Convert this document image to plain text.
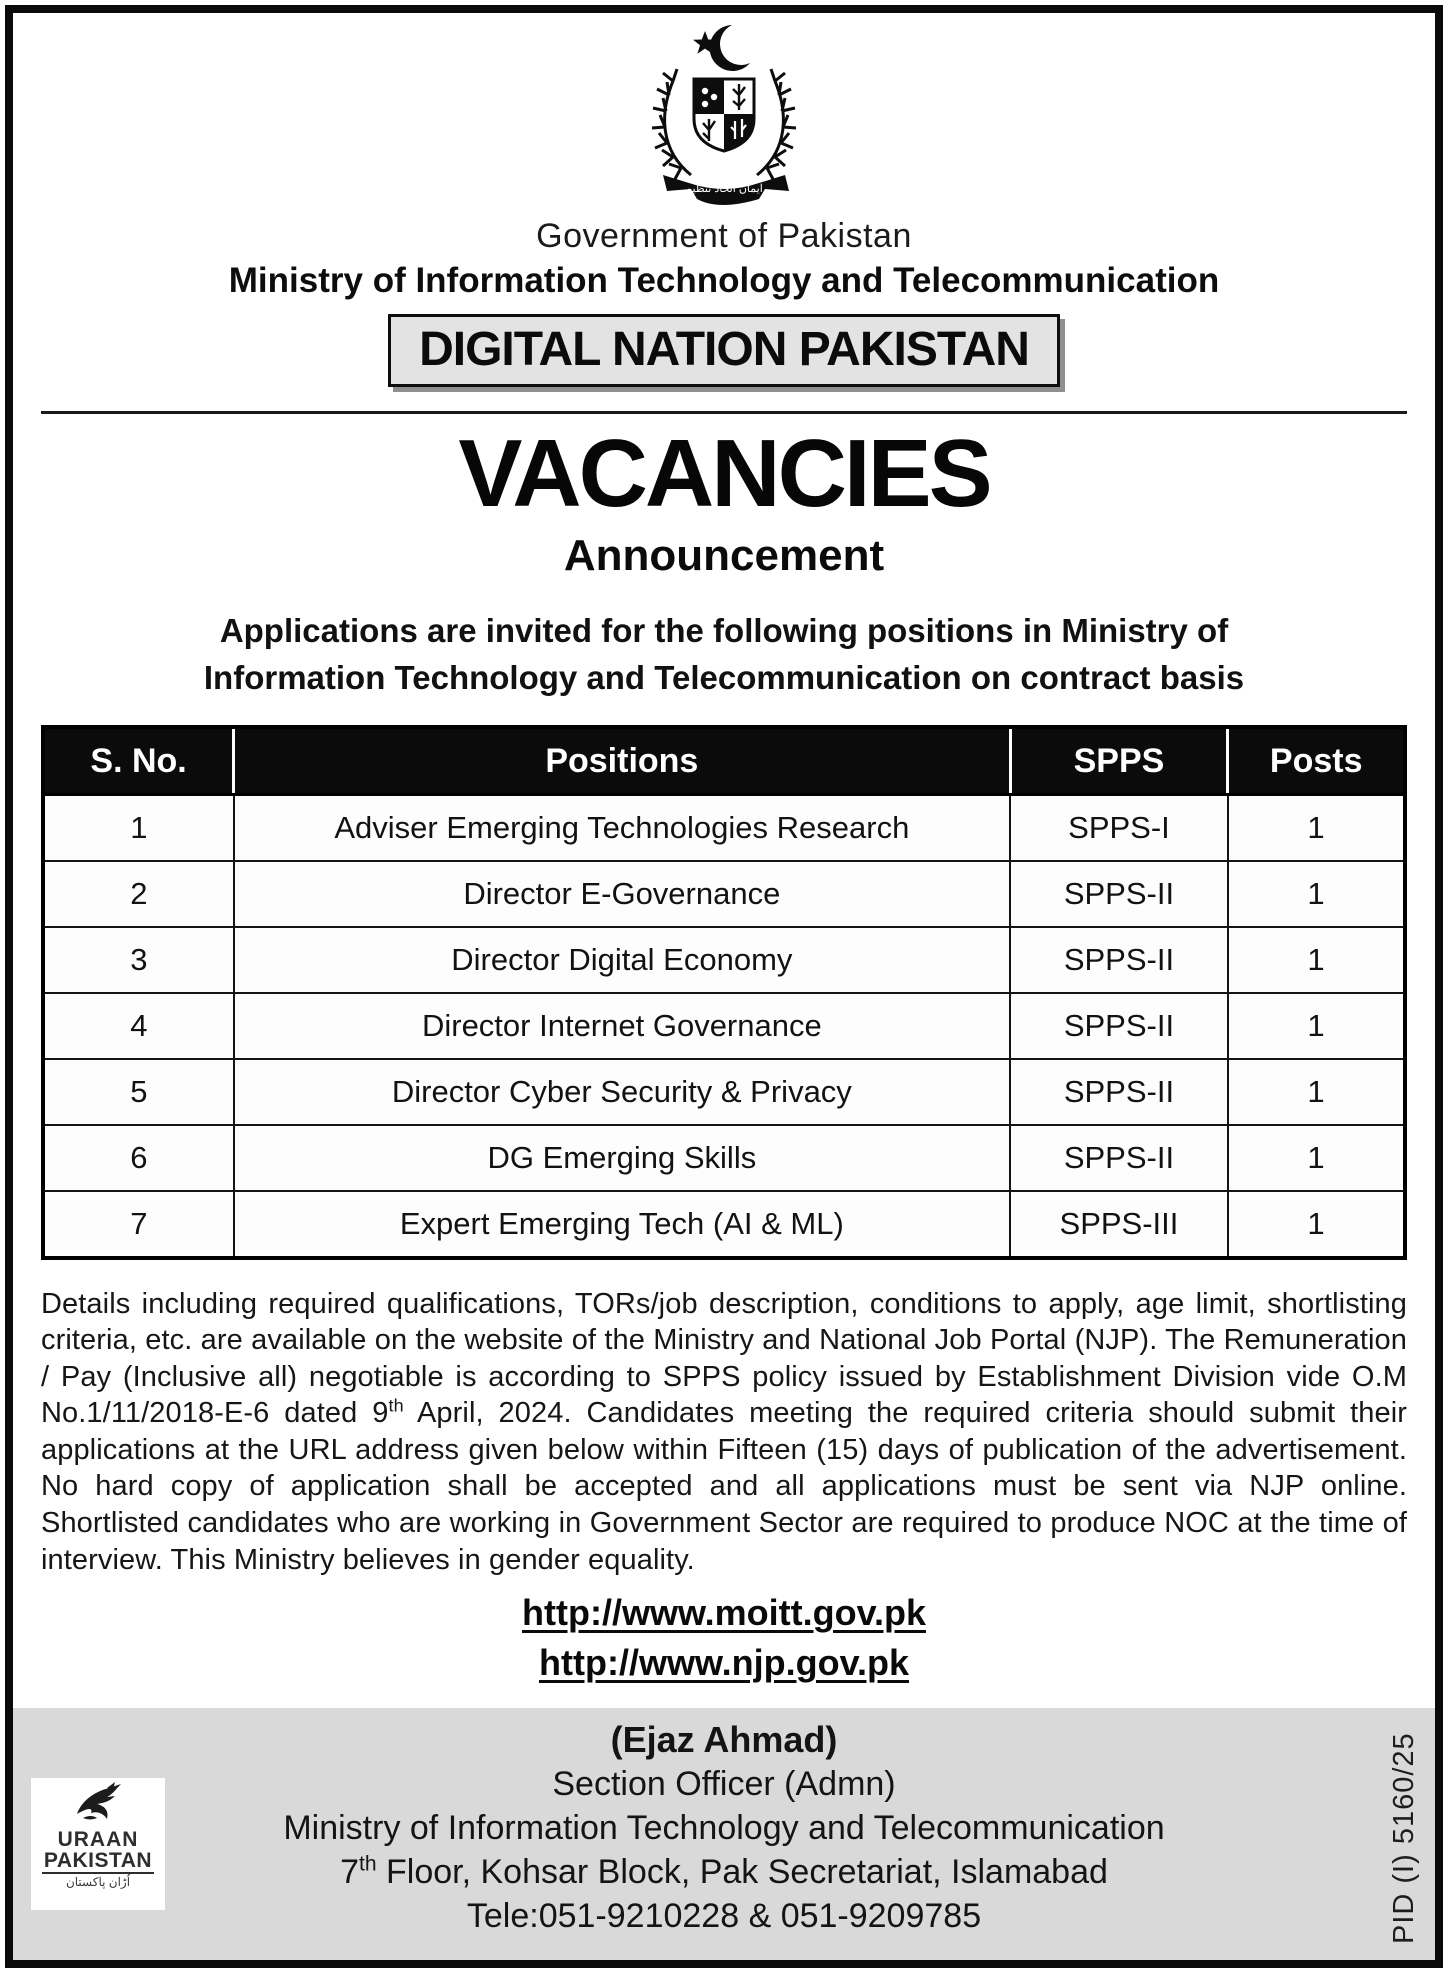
ایمان اتحاد تنظیم
Government of Pakistan
Ministry of Information Technology and Telecommunication
DIGITAL NATION PAKISTAN
VACANCIES
Announcement
Applications are invited for the following positions in Ministry of
Information Technology and Telecommunication on contract basis
S. No.	Positions	SPPS	Posts
1	Adviser Emerging Technologies Research	SPPS-I	1
2	Director E-Governance	SPPS-II	1
3	Director Digital Economy	SPPS-II	1
4	Director Internet Governance	SPPS-II	1
5	Director Cyber Security & Privacy	SPPS-II	1
6	DG Emerging Skills	SPPS-II	1
7	Expert Emerging Tech (AI & ML)	SPPS-III	1

Details including required qualifications, TORs/job description, conditions to apply, age limit, shortlisting criteria, etc. are available on the website of the Ministry and National Job Portal (NJP). The Remuneration / Pay (Inclusive all) negotiable is according to SPPS policy issued by Establishment Division vide O.M No.1/11/2018-E-6 dated 9th April, 2024. Candidates meeting the required criteria should submit their applications at the URL address given below within Fifteen (15) days of publication of the advertisement. No hard copy of application shall be accepted and all applications must be sent via NJP online. Shortlisted candidates who are working in Government Sector are required to produce NOC at the time of interview. This Ministry believes in gender equality.

http://www.moitt.gov.pk
http://www.njp.gov.pk
(Ejaz Ahmad)
Section Officer (Admn)
Ministry of Information Technology and Telecommunication
7th Floor, Kohsar Block, Pak Secretariat, Islamabad
Tele:051-9210228 & 051-9209785
URAAN
PAKISTAN
اُڑان پاکستان	PID (I) 5160/25
